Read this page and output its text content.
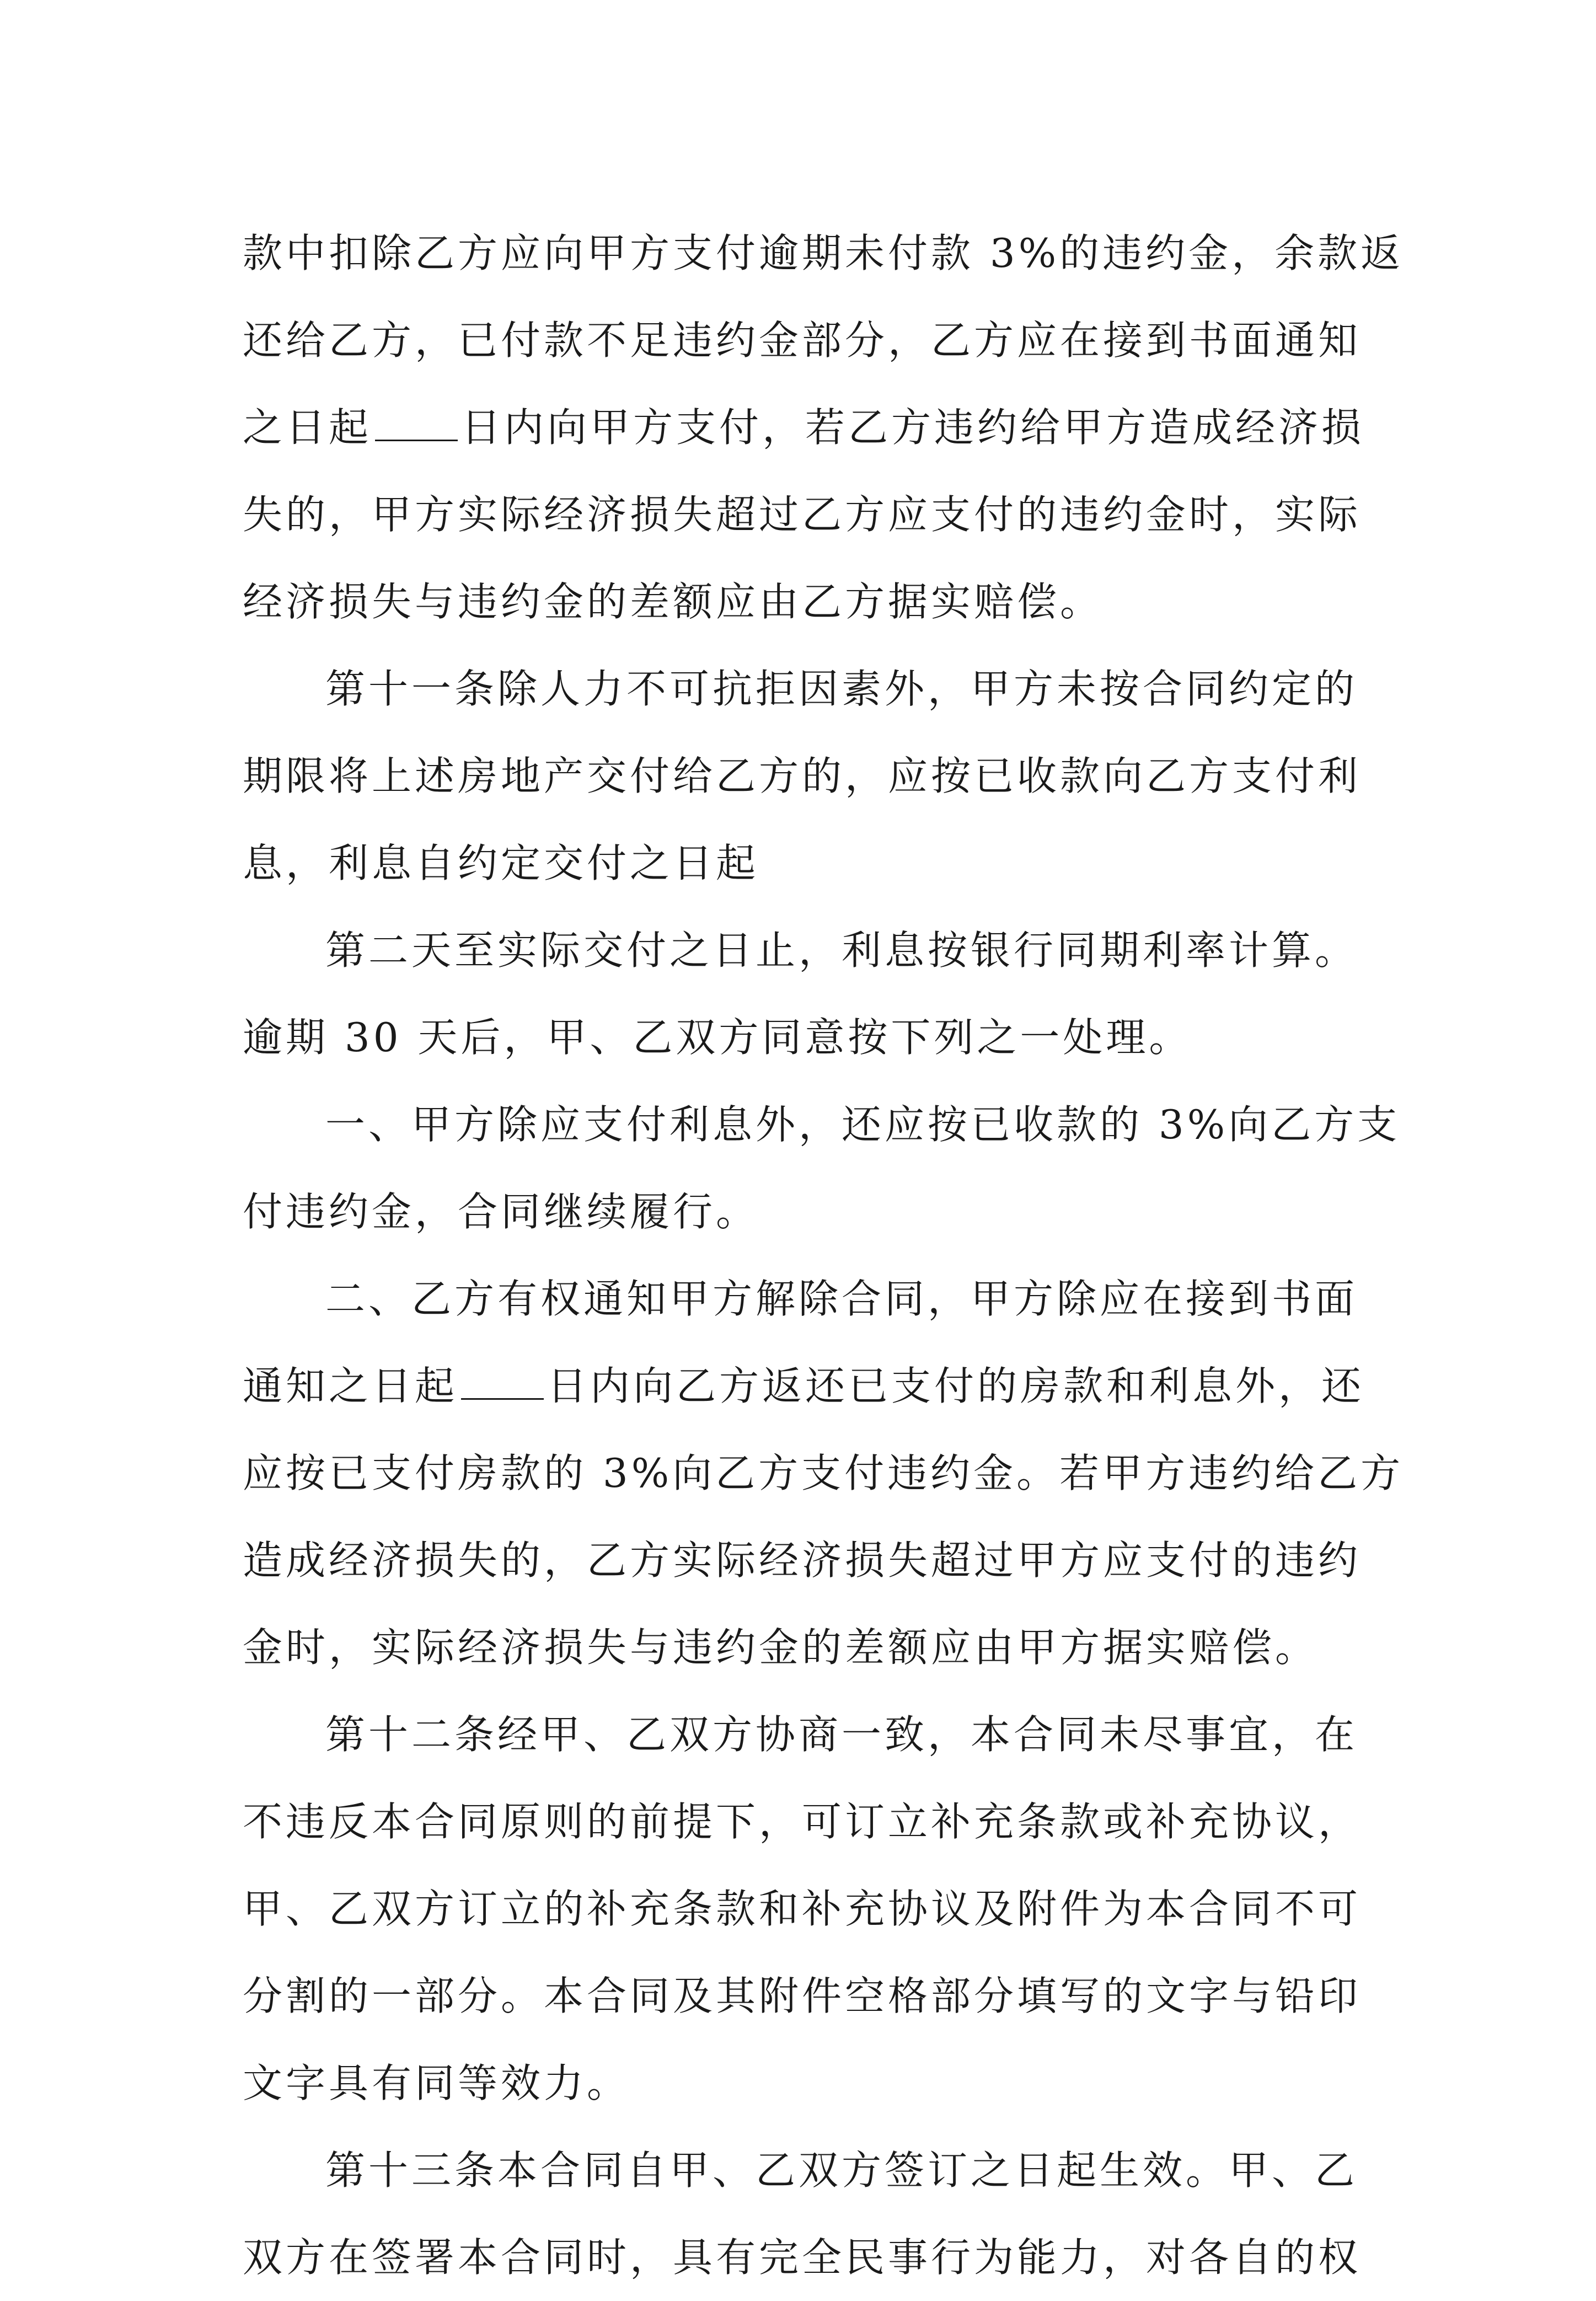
款中扣除乙方应向甲方支付逾期未付款 3%的违约金，余款返
还给乙方，已付款不足违约金部分，乙方应在接到书面通知
之日起 日内向甲方支付，若乙方违约给甲方造成经济损
失的，甲方实际经济损失超过乙方应支付的违约金时，实际
经济损失与违约金的差额应由乙方据实赔偿。
第十一条除人力不可抗拒因素外，甲方未按合同约定的
期限将上述房地产交付给乙方的，应按已收款向乙方支付利
息，利息自约定交付之日起
第二天至实际交付之日止，利息按银行同期利率计算。
逾期 30 天后，甲、乙双方同意按下列之一处理。
一、甲方除应支付利息外，还应按已收款的 3%向乙方支
付违约金，合同继续履行。
二、乙方有权通知甲方解除合同，甲方除应在接到书面
通知之日起 日内向乙方返还已支付的房款和利息外，还
应按已支付房款的 3%向乙方支付违约金。若甲方违约给乙方
造成经济损失的，乙方实际经济损失超过甲方应支付的违约
金时，实际经济损失与违约金的差额应由甲方据实赔偿。
第十二条经甲、乙双方协商一致，本合同未尽事宜，在
不违反本合同原则的前提下，可订立补充条款或补充协议，
甲、乙双方订立的补充条款和补充协议及附件为本合同不可
分割的一部分。本合同及其附件空格部分填写的文字与铅印
文字具有同等效力。
第十三条本合同自甲、乙双方签订之日起生效。甲、乙
双方在签署本合同时，具有完全民事行为能力，对各自的权
